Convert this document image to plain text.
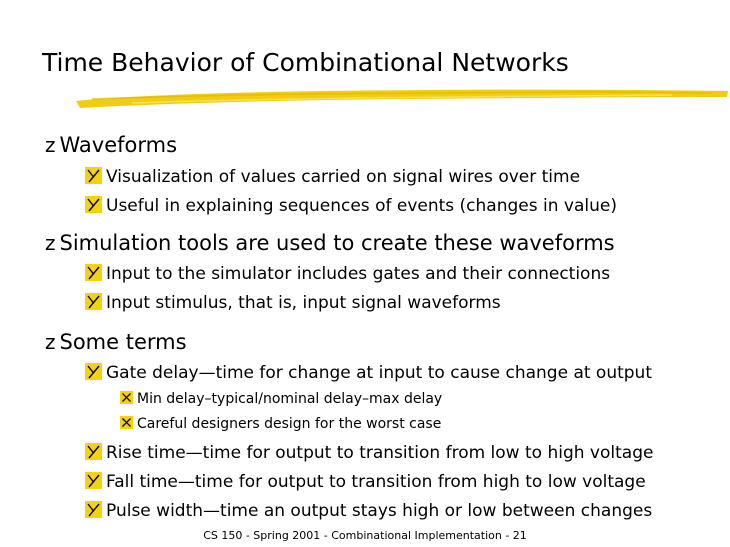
Time Behavior of Combinational Networks
z Waveforms
Visualization of values carried on signal wires over time
Useful in explaining sequences of events (changes in value)
z Simulation tools are used to create these waveforms
Input to the simulator includes gates and their connections
Input stimulus, that is, input signal waveforms
z Some terms
Gate delay—time for change at input to cause change at output
Min delay–typical/nominal delay–max delay
Careful designers design for the worst case
Rise time—time for output to transition from low to high voltage
Fall time—time for output to transition from high to low voltage
Pulse width—time an output stays high or low between changes
CS 150 - Spring 2001 - Combinational Implementation - 21
